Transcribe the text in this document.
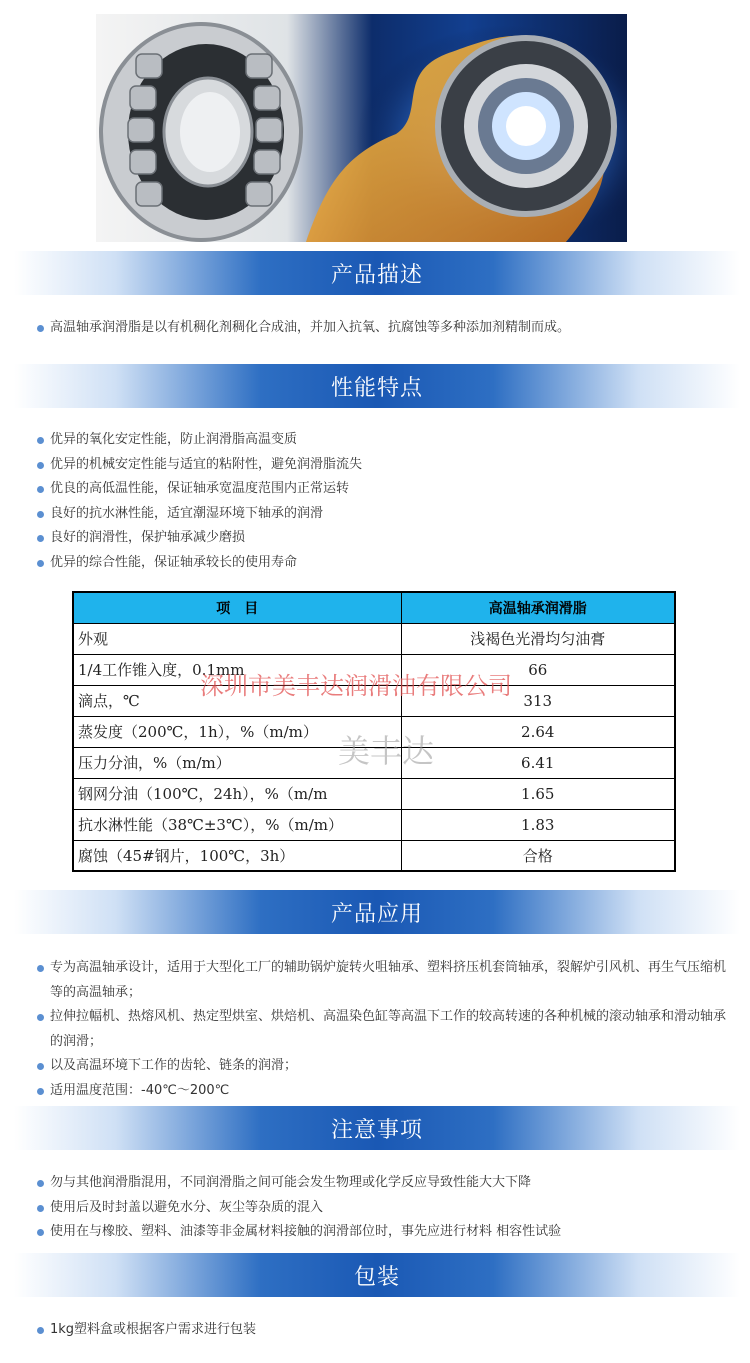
产品描述
高温轴承润滑脂是以有机稠化剂稠化合成油，并加入抗氧、抗腐蚀等多种添加剂精制而成。
性能特点
优异的氧化安定性能，防止润滑脂高温变质
优异的机械安定性能与适宜的粘附性，避免润滑脂流失
优良的高低温性能，保证轴承宽温度范围内正常运转
良好的抗水淋性能，适宜潮湿环境下轴承的润滑
良好的润滑性，保护轴承减少磨损
优异的综合性能，保证轴承较长的使用寿命
项　目	高温轴承润滑脂
外观	浅褐色光滑均匀油膏
1/4工作锥入度，0.1mm	66
滴点，℃	313
蒸发度（200℃，1h），%（m/m）	2.64
压力分油，%（m/m）	6.41
钢网分油（100℃，24h），%（m/m	1.65
抗水淋性能（38℃±3℃），%（m/m）	1.83
腐蚀（45#钢片，100℃，3h）	合格
深圳市美丰达润滑油有限公司
美丰达
产品应用
专为高温轴承设计，适用于大型化工厂的辅助锅炉旋转火咀轴承、塑料挤压机套筒轴承，裂解炉引风机、再生气压缩机等的高温轴承；
拉伸拉幅机、热熔风机、热定型烘室、烘焙机、高温染色缸等高温下工作的较高转速的各种机械的滚动轴承和滑动轴承的润滑；
以及高温环境下工作的齿轮、链条的润滑；
适用温度范围：-40℃～200℃
注意事项
勿与其他润滑脂混用，不同润滑脂之间可能会发生物理或化学反应导致性能大大下降
使用后及时封盖以避免水分、灰尘等杂质的混入
使用在与橡胶、塑料、油漆等非金属材料接触的润滑部位时，事先应进行材料 相容性试验
包装
1kg塑料盒或根据客户需求进行包装
